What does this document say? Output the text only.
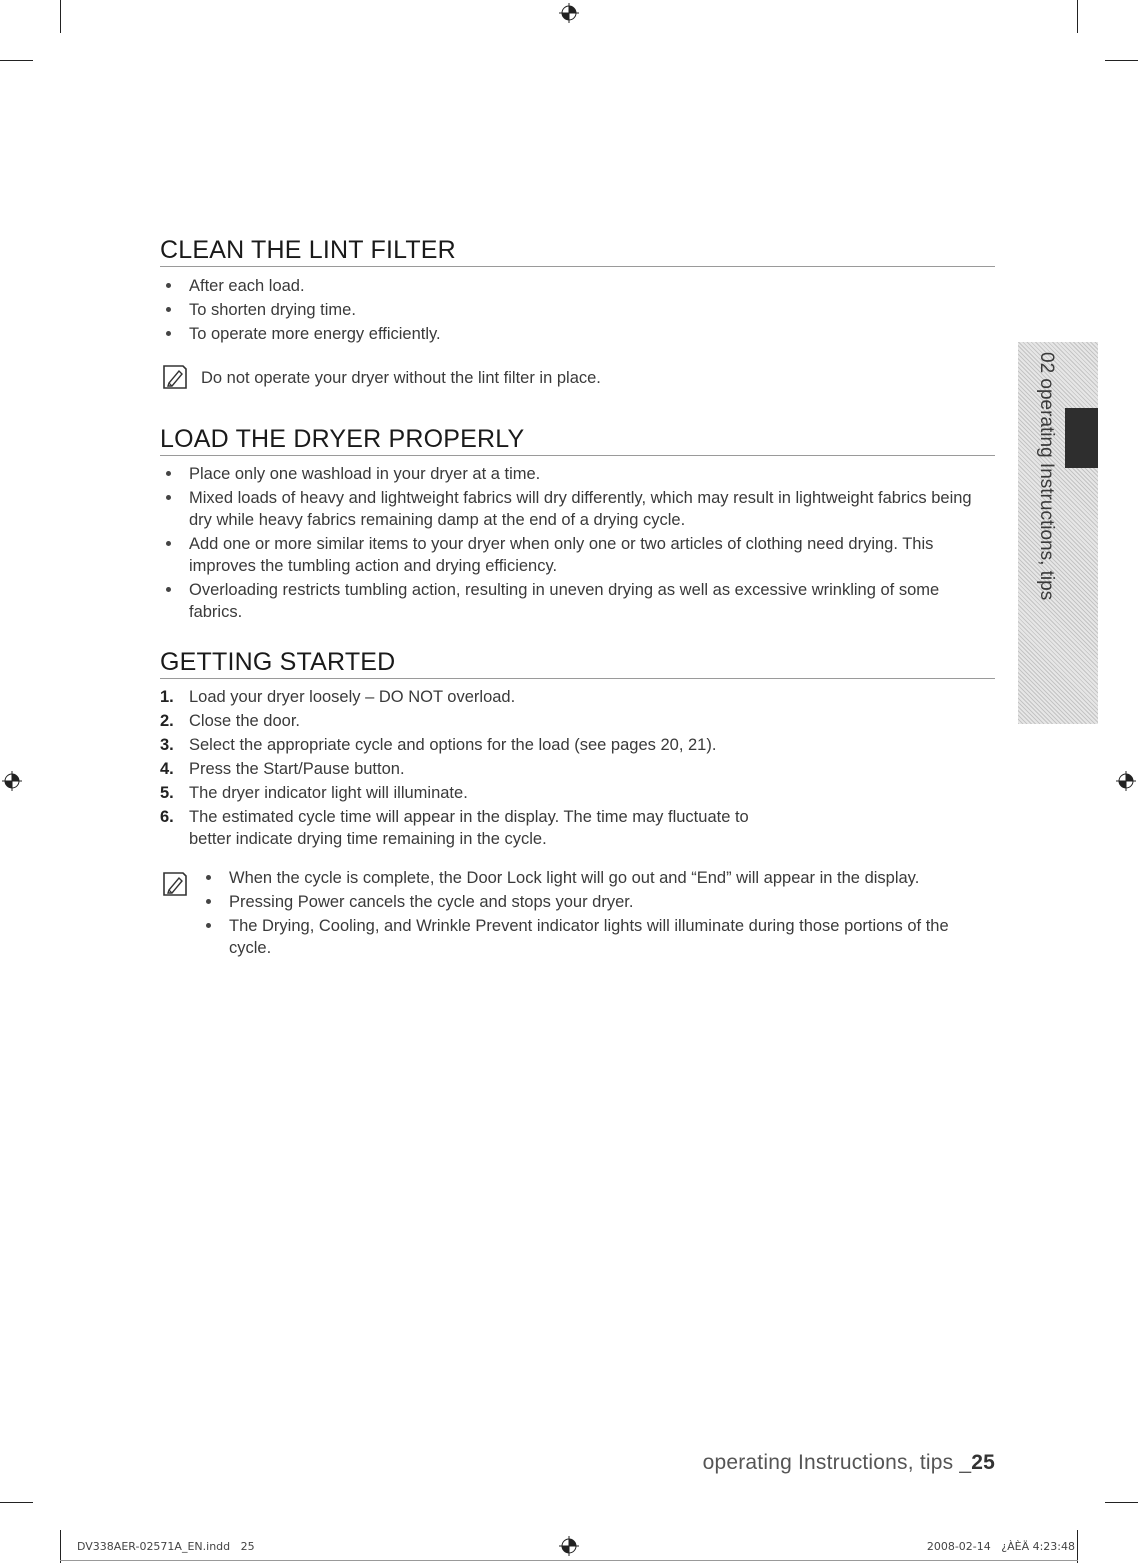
CLEAN THE LINT FILTER
After each load.
To shorten drying time.
To operate more energy efficiently.
Do not operate your dryer without the lint filter in place.
LOAD THE DRYER PROPERLY
Place only one washload in your dryer at a time.
Mixed loads of heavy and lightweight fabrics will dry differently, which may result in lightweight fabrics being dry while heavy fabrics remaining damp at the end of a drying cycle.
Add one or more similar items to your dryer when only one or two articles of clothing need drying. This improves the tumbling action and drying efficiency.
Overloading restricts tumbling action, resulting in uneven drying as well as excessive wrinkling of some fabrics.
GETTING STARTED
1. Load your dryer loosely – DO NOT overload.
2. Close the door.
3. Select the appropriate cycle and options for the load (see pages 20, 21).
4. Press the Start/Pause button.
5. The dryer indicator light will illuminate.
6. The estimated cycle time will appear in the display. The time may fluctuate to better indicate drying time remaining in the cycle.
When the cycle is complete, the Door Lock light will go out and “End” will appear in the display.
Pressing Power cancels the cycle and stops your dryer.
The Drying, Cooling, and Wrinkle Prevent indicator lights will illuminate during those portions of the cycle.
02 operating Instructions, tips
operating Instructions, tips _25
DV338AER-02571A_EN.indd   25	2008-02-14   ¿ÀÈÄ 4:23:48
